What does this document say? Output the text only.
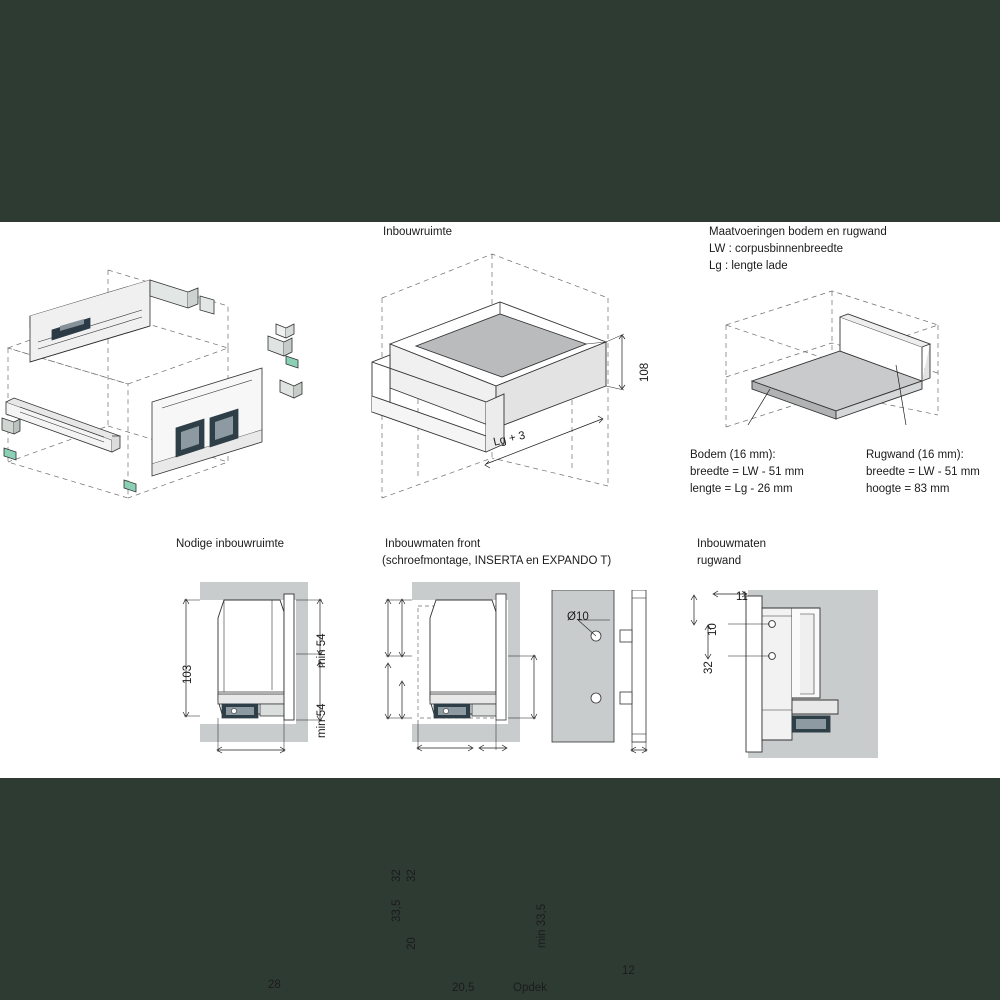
Inbouwruimte
108
Lg + 3
Maatvoeringen bodem en rugwand
LW : corpusbinnenbreedte
Lg : lengte lade
Bodem (16 mm):
breedte = LW - 51 mm
lengte = Lg - 26 mm
Rugwand (16 mm):
breedte = LW - 51 mm
hoogte = 83 mm
Nodige inbouwruimte
103
min 54
min 54
28
Inbouwmaten front
(schroefmontage, INSERTA en EXPANDO T)
33,5
32 32
20
20,5	Opdek
min 33,5
Ø10
12
Inbouwmaten
rugwand
10
11
32
